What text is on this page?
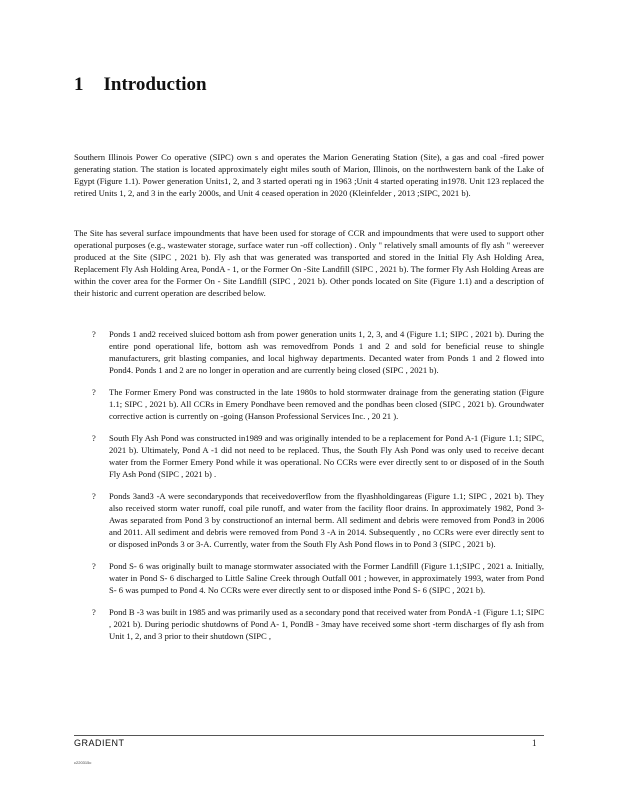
1 Introduction

Southern Illinois Power Co operative (SIPC) own s and operates the Marion Generating Station (Site), a gas and coal -fired power generating station. The station is located approximately eight miles south of Marion, Illinois, on the northwestern bank of the Lake of Egypt (Figure 1.1). Power generation Units1, 2, and 3 started operati ng in 1963 ;Unit 4 started operating in1978. Unit 123 replaced the retired Units 1, 2, and 3 in the early 2000s, and Unit 4 ceased operation in 2020 (Kleinfelder , 2013 ;SIPC, 2021 b).

The Site has several surface impoundments that have been used for storage of CCR and impoundments that were used to support other operational purposes (e.g., wastewater storage, surface water run -off collection) . Only " relatively small amounts of fly ash " wereever produced at the Site (SIPC , 2021 b). Fly ash that was generated was transported and stored in the Initial Fly Ash Holding Area, Replacement Fly Ash Holding Area, PondA - 1, or the Former On -Site Landfill (SIPC , 2021 b). The former Fly Ash Holding Areas are within the cover area for the Former On - Site Landfill (SIPC , 2021 b). Other ponds located on Site (Figure 1.1) and a description of their historic and current operation are described below.

? Ponds 1 and2 received sluiced bottom ash from power generation units 1, 2, 3, and 4 (Figure 1.1; SIPC , 2021 b). During the entire pond operational life, bottom ash was removedfrom Ponds 1 and 2 and sold for beneficial reuse to shingle manufacturers, grit blasting companies, and local highway departments. Decanted water from Ponds 1 and 2 flowed into Pond4. Ponds 1 and 2 are no longer in operation and are currently being closed (SIPC , 2021 b).
? The Former Emery Pond was constructed in the late 1980s to hold stormwater drainage from the generating station (Figure 1.1; SIPC , 2021 b). All CCRs in Emery Pondhave been removed and the pondhas been closed (SIPC , 2021 b). Groundwater corrective action is currently on -going (Hanson Professional Services Inc. , 20 21 ).
? South Fly Ash Pond was constructed in1989 and was originally intended to be a replacement for Pond A-1 (Figure 1.1; SIPC, 2021 b). Ultimately, Pond A -1 did not need to be replaced. Thus, the South Fly Ash Pond was only used to receive decant water from the Former Emery Pond while it was operational. No CCRs were ever directly sent to or disposed of in the South Fly Ash Pond (SIPC , 2021 b) .
? Ponds 3and3 -A were secondaryponds that receivedoverflow from the flyashholdingareas (Figure 1.1; SIPC , 2021 b). They also received storm water runoff, coal pile runoff, and water from the facility floor drains. In approximately 1982, Pond 3-Awas separated from Pond 3 by constructionof an internal berm. All sediment and debris were removed from Pond3 in 2006 and 2011. All sediment and debris were removed from Pond 3 -A in 2014. Subsequently , no CCRs were ever directly sent to or disposed inPonds 3 or 3-A. Currently, water from the South Fly Ash Pond flows in to Pond 3 (SIPC , 2021 b).
? Pond S- 6 was originally built to manage stormwater associated with the Former Landfill (Figure 1.1;SIPC , 2021 a. Initially, water in Pond S- 6 discharged to Little Saline Creek through Outfall 001 ; however, in approximately 1993, water from Pond S- 6 was pumped to Pond 4. No CCRs were ever directly sent to or disposed inthe Pond S- 6 (SIPC , 2021 b).
? Pond B -3 was built in 1985 and was primarily used as a secondary pond that received water from PondA -1 (Figure 1.1; SIPC , 2021 b). During periodic shutdowns of Pond A- 1, PondB - 3may have received some short -term discharges of fly ash from Unit 1, 2, and 3 prior to their shutdown (SIPC ,
GRADIENT	1
c220315c
